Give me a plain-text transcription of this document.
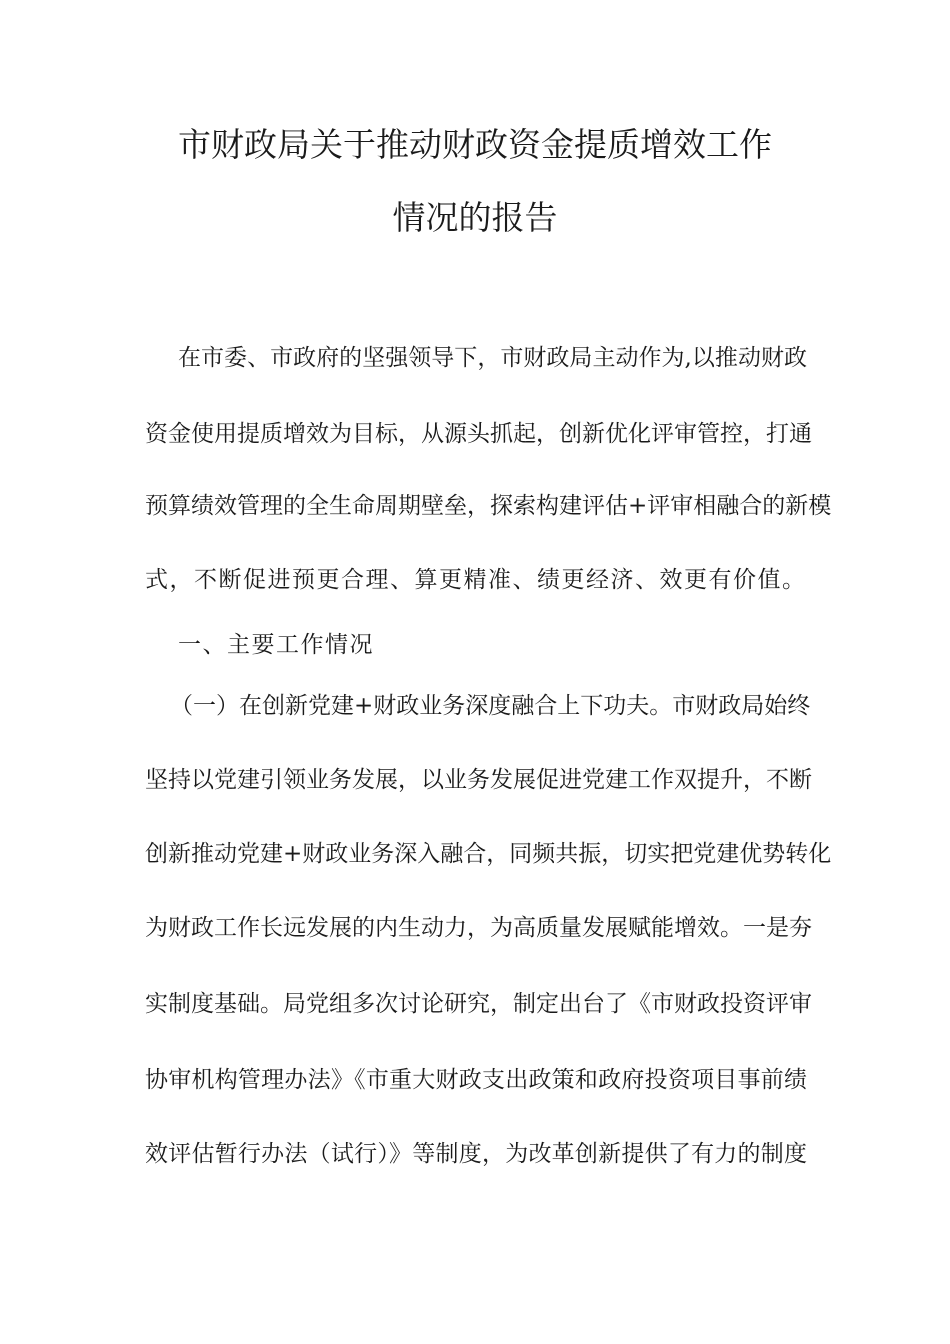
市财政局关于推动财政资金提质增效工作
情况的报告
在市委、市政府的坚强领导下，市财政局主动作为,以推动财政
资金使用提质增效为目标，从源头抓起，创新优化评审管控，打通
预算绩效管理的全生命周期壁垒，探索构建评估+评审相融合的新模
式，不断促进预更合理、算更精准、绩更经济、效更有价值。
一、主要工作情况
（一）在创新党建+财政业务深度融合上下功夫。市财政局始终
坚持以党建引领业务发展，以业务发展促进党建工作双提升，不断
创新推动党建+财政业务深入融合，同频共振，切实把党建优势转化
为财政工作长远发展的内生动力，为高质量发展赋能增效。一是夯
实制度基础。局党组多次讨论研究，制定出台了《市财政投资评审
协审机构管理办法》《市重大财政支出政策和政府投资项目事前绩
效评估暂行办法（试行）》等制度，为改革创新提供了有力的制度
